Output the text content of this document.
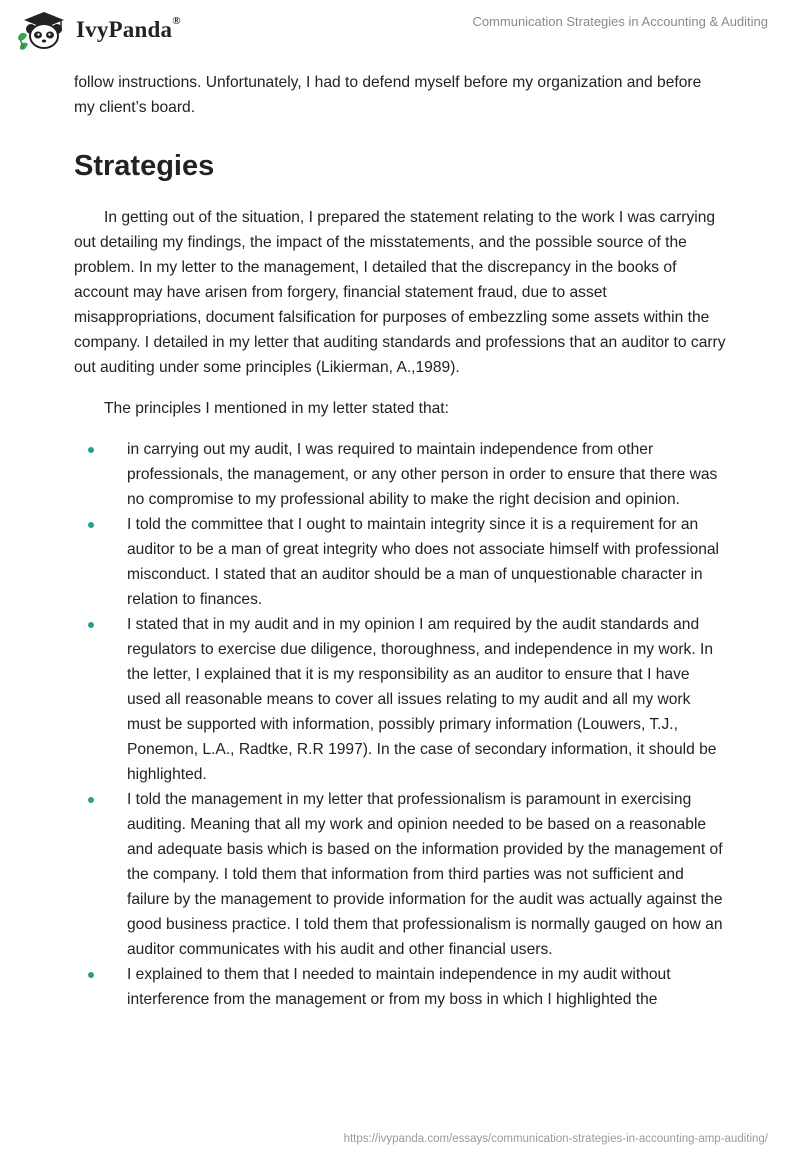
IvyPanda®	Communication Strategies in Accounting & Auditing

follow instructions. Unfortunately, I had to defend myself before my organization and before my client’s board.

Strategies

In getting out of the situation, I prepared the statement relating to the work I was carrying out detailing my findings, the impact of the misstatements, and the possible source of the problem. In my letter to the management, I detailed that the discrepancy in the books of account may have arisen from forgery, financial statement fraud, due to asset misappropriations, document falsification for purposes of embezzling some assets within the company. I detailed in my letter that auditing standards and professions that an auditor to carry out auditing under some principles (Likierman, A.,1989).

The principles I mentioned in my letter stated that:

in carrying out my audit, I was required to maintain independence from other professionals, the management, or any other person in order to ensure that there was no compromise to my professional ability to make the right decision and opinion.
I told the committee that I ought to maintain integrity since it is a requirement for an auditor to be a man of great integrity who does not associate himself with professional misconduct. I stated that an auditor should be a man of unquestionable character in relation to finances.
I stated that in my audit and in my opinion I am required by the audit standards and regulators to exercise due diligence, thoroughness, and independence in my work. In the letter, I explained that it is my responsibility as an auditor to ensure that I have used all reasonable means to cover all issues relating to my audit and all my work must be supported with information, possibly primary information (Louwers, T.J., Ponemon, L.A., Radtke, R.R 1997). In the case of secondary information, it should be highlighted.
I told the management in my letter that professionalism is paramount in exercising auditing. Meaning that all my work and opinion needed to be based on a reasonable and adequate basis which is based on the information provided by the management of the company. I told them that information from third parties was not sufficient and failure by the management to provide information for the audit was actually against the good business practice. I told them that professionalism is normally gauged on how an auditor communicates with his audit and other financial users.
I explained to them that I needed to maintain independence in my audit without interference from the management or from my boss in which I highlighted the
https://ivypanda.com/essays/communication-strategies-in-accounting-amp-auditing/
